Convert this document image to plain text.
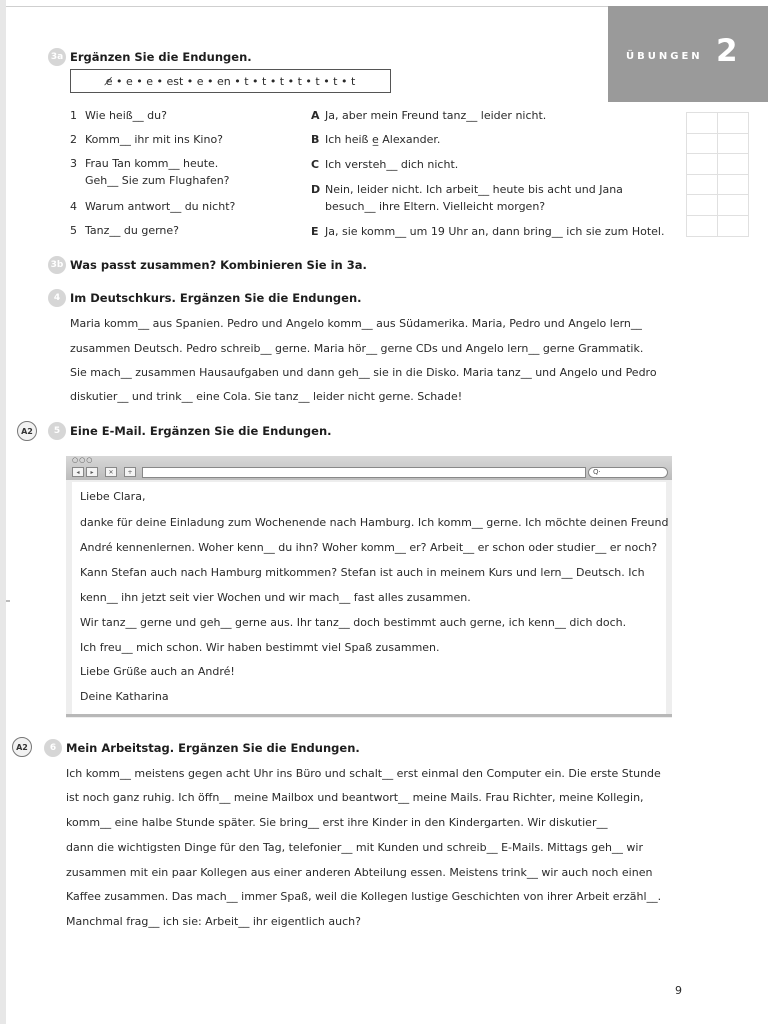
ÜBUNGEN 2
3a Ergänzen Sie die Endungen.
e̸ • e • e • est • e • en • t • t • t • t • t • t • t
1 Wie heiß__ du?
2 Komm__ ihr mit ins Kino?
3 Frau Tan komm__ heute.
Geh__ Sie zum Flughafen?
4 Warum antwort__ du nicht?
5 Tanz__ du gerne?
A Ja, aber mein Freund tanz__ leider nicht.
B Ich heiß e̲ Alexander.
C Ich versteh__ dich nicht.
D Nein, leider nicht. Ich arbeit__ heute bis acht und Jana
besuch__ ihre Eltern. Vielleicht morgen?
E Ja, sie komm__ um 19 Uhr an, dann bring__ ich sie zum Hotel.
3b Was passt zusammen? Kombinieren Sie in 3a.
4 Im Deutschkurs. Ergänzen Sie die Endungen.
Maria komm__ aus Spanien. Pedro und Angelo komm__ aus Südamerika. Maria, Pedro und Angelo lern__
zusammen Deutsch. Pedro schreib__ gerne. Maria hör__ gerne CDs und Angelo lern__ gerne Grammatik.
Sie mach__ zusammen Hausaufgaben und dann geh__ sie in die Disko. Maria tanz__ und Angelo und Pedro
diskutier__ und trink__ eine Cola. Sie tanz__ leider nicht gerne. Schade!
A2	5 Eine E-Mail. Ergänzen Sie die Endungen.
○○○
◂	▸	✕	+	Q·
Liebe Clara,
danke für deine Einladung zum Wochenende nach Hamburg. Ich komm__ gerne. Ich möchte deinen Freund
André kennenlernen. Woher kenn__ du ihn? Woher komm__ er? Arbeit__ er schon oder studier__ er noch?
Kann Stefan auch nach Hamburg mitkommen? Stefan ist auch in meinem Kurs und lern__ Deutsch. Ich
kenn__ ihn jetzt seit vier Wochen und wir mach__ fast alles zusammen.
Wir tanz__ gerne und geh__ gerne aus. Ihr tanz__ doch bestimmt auch gerne, ich kenn__ dich doch.
Ich freu__ mich schon. Wir haben bestimmt viel Spaß zusammen.
Liebe Grüße auch an André!
Deine Katharina
A2	6 Mein Arbeitstag. Ergänzen Sie die Endungen.
Ich komm__ meistens gegen acht Uhr ins Büro und schalt__ erst einmal den Computer ein. Die erste Stunde
ist noch ganz ruhig. Ich öffn__ meine Mailbox und beantwort__ meine Mails. Frau Richter, meine Kollegin,
komm__ eine halbe Stunde später. Sie bring__ erst ihre Kinder in den Kindergarten. Wir diskutier__
dann die wichtigsten Dinge für den Tag, telefonier__ mit Kunden und schreib__ E-Mails. Mittags geh__ wir
zusammen mit ein paar Kollegen aus einer anderen Abteilung essen. Meistens trink__ wir auch noch einen
Kaffee zusammen. Das mach__ immer Spaß, weil die Kollegen lustige Geschichten von ihrer Arbeit erzähl__.
Manchmal frag__ ich sie: Arbeit__ ihr eigentlich auch?
9
